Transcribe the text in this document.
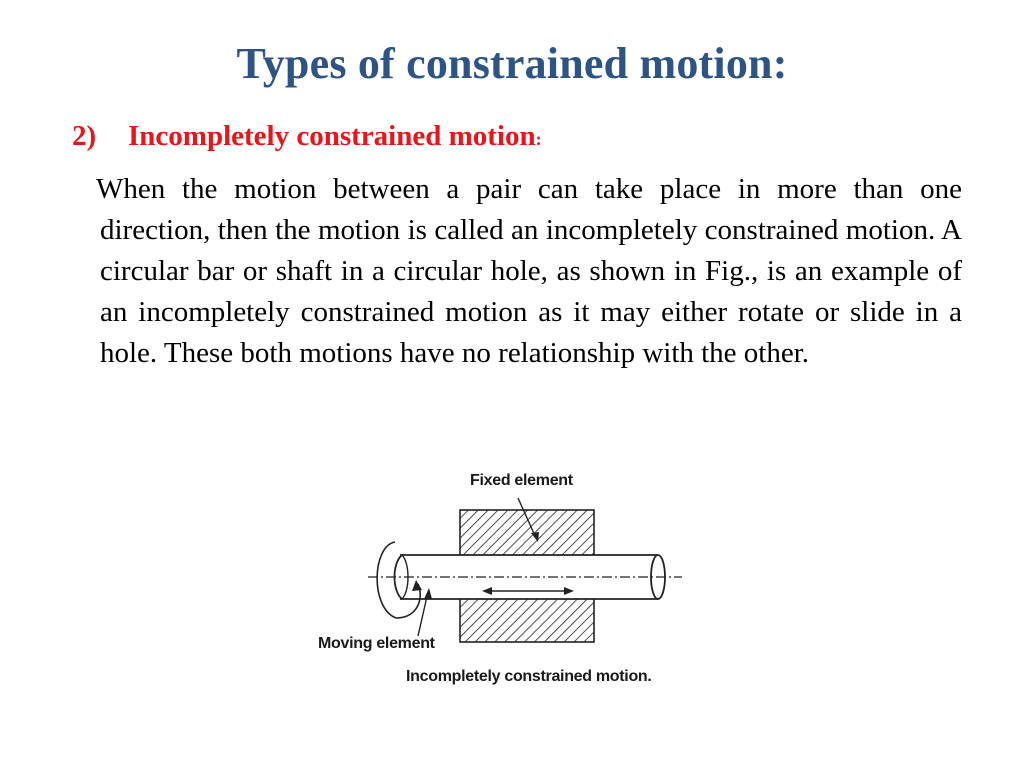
Types of constrained motion:
2) Incompletely constrained motion:
When the motion between a pair can take place in more than one direction, then the motion is called an incompletely constrained motion. A circular bar or shaft in a circular hole, as shown in Fig., is an example of an incompletely constrained motion as it may either rotate or slide in a hole. These both motions have no relationship with the other.
Fixed element
Moving element
Incompletely constrained motion.
